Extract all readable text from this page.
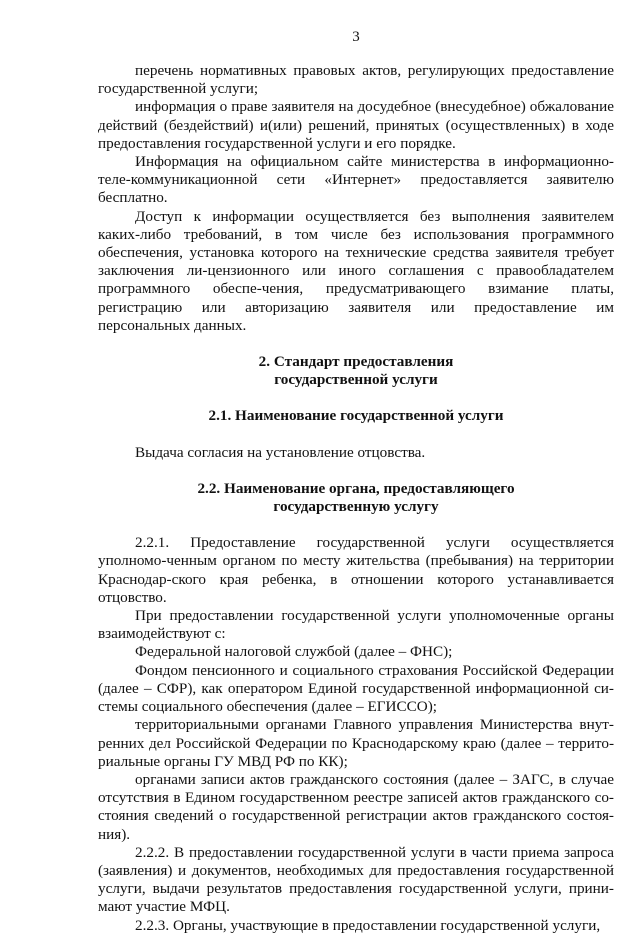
3

перечень нормативных правовых актов, регулирующих предоставление государственной услуги;

информация о праве заявителя на досудебное (внесудебное) обжалование действий (бездействий) и(или) решений, принятых (осуществленных) в ходе предоставления государственной услуги и его порядке.

Информация на официальном сайте министерства в информационно-теле-коммуникационной сети «Интернет» предоставляется заявителю бесплатно.

Доступ к информации осуществляется без выполнения заявителем каких-либо требований, в том числе без использования программного обеспечения, установка которого на технические средства заявителя требует заключения ли-цензионного или иного соглашения с правообладателем программного обеспе-чения, предусматривающего взимание платы, регистрацию или авторизацию заявителя или предоставление им персональных данных.

2. Стандарт предоставления

государственной услуги

2.1. Наименование государственной услуги

Выдача согласия на установление отцовства.

2.2. Наименование органа, предоставляющего

государственную услугу

2.2.1. Предоставление государственной услуги осуществляется уполномо-ченным органом по месту жительства (пребывания) на территории Краснодар-ского края ребенка, в отношении которого устанавливается отцовство.

При предоставлении государственной услуги уполномоченные органы взаимодействуют с:

Федеральной налоговой службой (далее – ФНС);

Фондом пенсионного и социального страхования Российской Федерации (далее – СФР), как оператором Единой государственной информационной си-стемы социального обеспечения (далее – ЕГИССО);

территориальными органами Главного управления Министерства внут-ренних дел Российской Федерации по Краснодарскому краю (далее – террито-риальные органы ГУ МВД РФ по КК);

органами записи актов гражданского состояния (далее – ЗАГС, в случае отсутствия в Едином государственном реестре записей актов гражданского со-стояния сведений о государственной регистрации актов гражданского состоя-ния).

2.2.2. В предоставлении государственной услуги в части приема запроса (заявления) и документов, необходимых для предоставления государственной услуги, выдачи результатов предоставления государственной услуги, прини-мают участие МФЦ.

2.2.3. Органы, участвующие в предоставлении государственной услуги,
